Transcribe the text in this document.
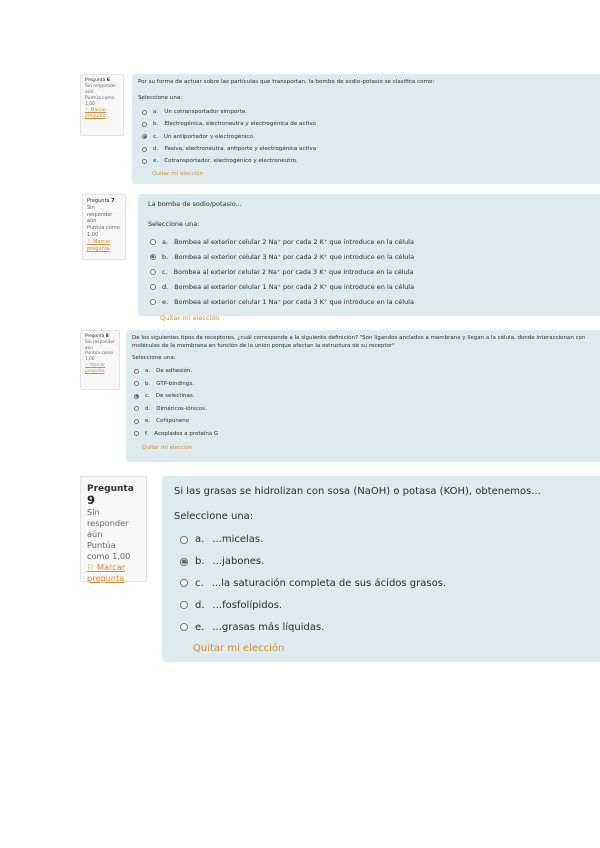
Pregunta 6
Sin responder aún
Puntúa como 1,00
⚐ Marcar pregunta
Por su forma de actuar sobre las partículas que transportan, la bomba de sodio-potasio se clasifica como:
Seleccione una:
a. Un cotransportador simporte.
b. Electrogénica, electroneutra y electrogénica de activo
c. Un antiportador y electrogénico.
d. Pasiva, electroneutra, antiporte y electrogénica activa
e. Cotransportador, electrogénico y electroneutro.
Quitar mi elección
Pregunta 7
Sin responder aún
Puntúa como 1,00
⚐ Marcar pregunta
La bomba de sodio/potasio...
Seleccione una:
a. Bombea al exterior celular 2 Na⁺ por cada 2 K⁺ que introduce en la célula
b. Bombea al exterior celular 3 Na⁺ por cada 2 K⁺ que introduce en la célula
c. Bombea al exterior celular 2 Na⁺ por cada 3 K⁺ que introduce en la célula
d. Bombea al exterior celular 1 Na⁺ por cada 2 K⁺ que introduce en la célula
e. Bombea al exterior celular 1 Na⁺ por cada 3 K⁺ que introduce en la célula
Quitar mi elección
Pregunta 8
Sin responder aún
Puntúa como 1,00
⚐ Marcar pregunta
De los siguientes tipos de receptores, ¿cuál corresponde a la siguiente definición? "Son ligandos anclados a membrana y llegan a la célula, donde interaccionan con moléculas de la membrana en función de la unión porque afectan la estructura de su receptor"
Seleccione una:
a. De adhesión.
b. GTP-bindings.
c. De selectinas.
d. Diméricos-iónicos.
e. Cohipuneno
f. Acoplados a proteína G
Quitar mi elección
Pregunta 9
Sin responder aún
Puntúa como 1,00
⚐ Marcar pregunta
Si las grasas se hidrolizan con sosa (NaOH) o potasa (KOH), obtenemos...
Seleccione una:
a. ...micelas.
b. ...jabones.
c. ...la saturación completa de sus ácidos grasos.
d. ...fosfolípidos.
e. ...grasas más líquidas.
Quitar mi elección
